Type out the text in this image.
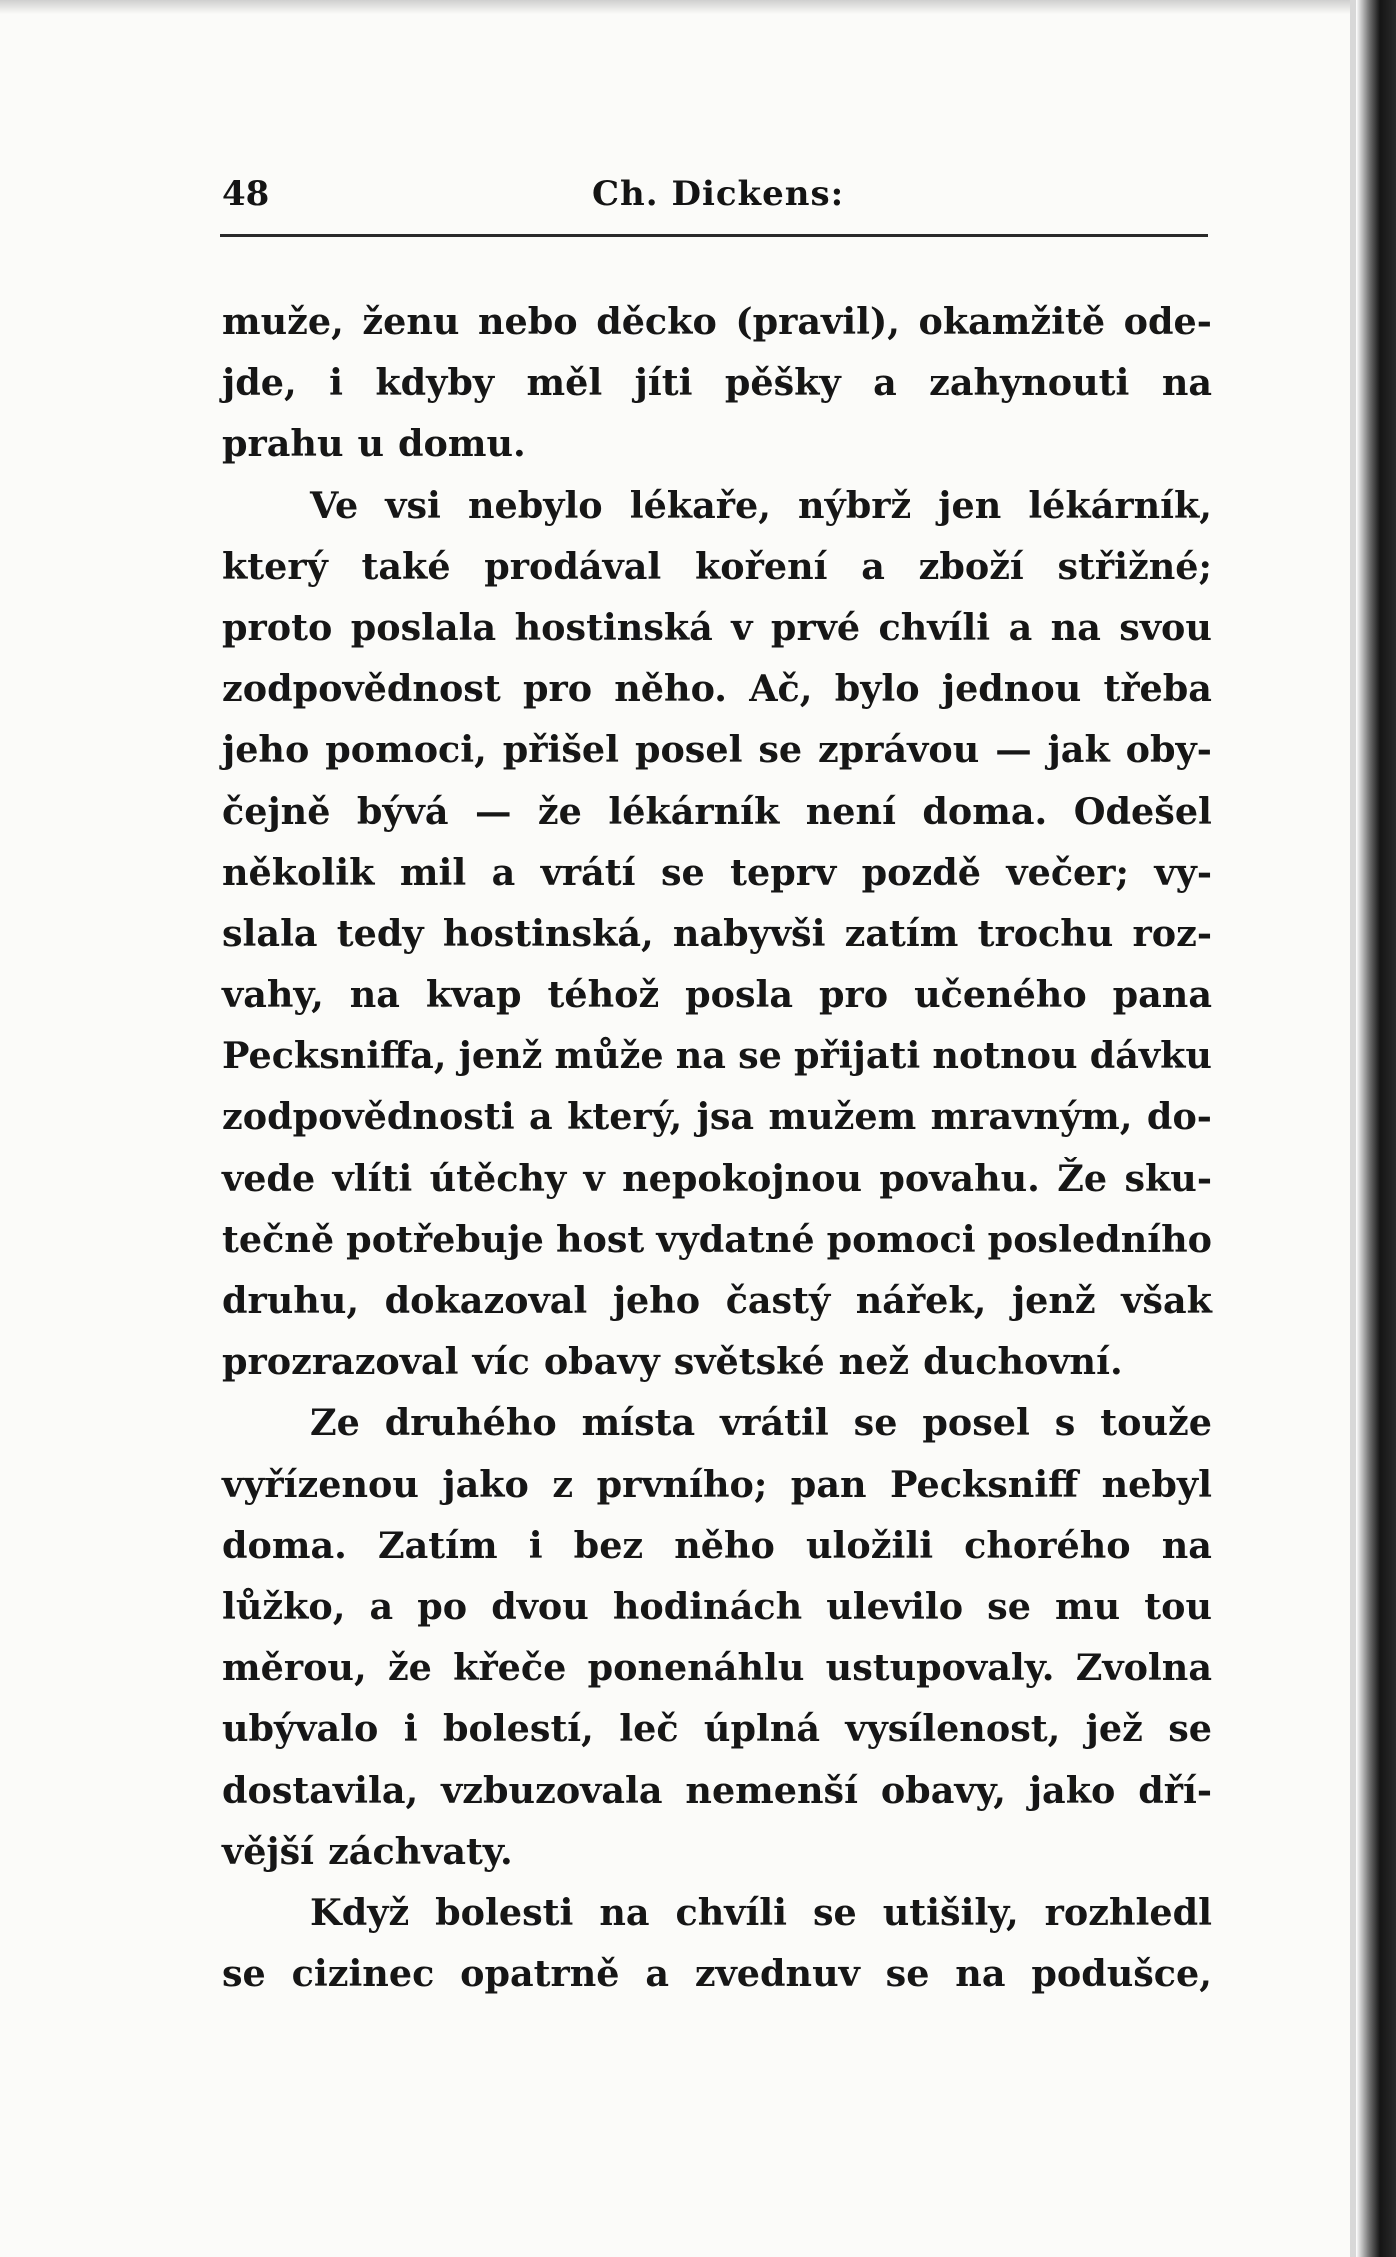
48	Ch. Dickens:
muže, ženu nebo děcko (pravil), okamžitě ode-
jde, i kdyby měl jíti pěšky a zahynouti na
prahu u domu.
Ve vsi nebylo lékaře, nýbrž jen lékárník,
který také prodával koření a zboží střižné;
proto poslala hostinská v prvé chvíli a na svou
zodpovědnost pro něho. Ač, bylo jednou třeba
jeho pomoci, přišel posel se zprávou — jak oby-
čejně bývá — že lékárník není doma. Odešel
několik mil a vrátí se teprv pozdě večer; vy-
slala tedy hostinská, nabyvši zatím trochu roz-
vahy, na kvap téhož posla pro učeného pana
Pecksniffa, jenž může na se přijati notnou dávku
zodpovědnosti a který, jsa mužem mravným, do-
vede vlíti útěchy v nepokojnou povahu. Že sku-
tečně potřebuje host vydatné pomoci posledního
druhu, dokazoval jeho častý nářek, jenž však
prozrazoval víc obavy světské než duchovní.
Ze druhého místa vrátil se posel s touže
vyřízenou jako z prvního; pan Pecksniff nebyl
doma. Zatím i bez něho uložili chorého na
lůžko, a po dvou hodinách ulevilo se mu tou
měrou, že křeče ponenáhlu ustupovaly. Zvolna
ubývalo i bolestí, leč úplná vysílenost, jež se
dostavila, vzbuzovala nemenší obavy, jako dří-
vější záchvaty.
Když bolesti na chvíli se utišily, rozhledl
se cizinec opatrně a zvednuv se na podušce,
